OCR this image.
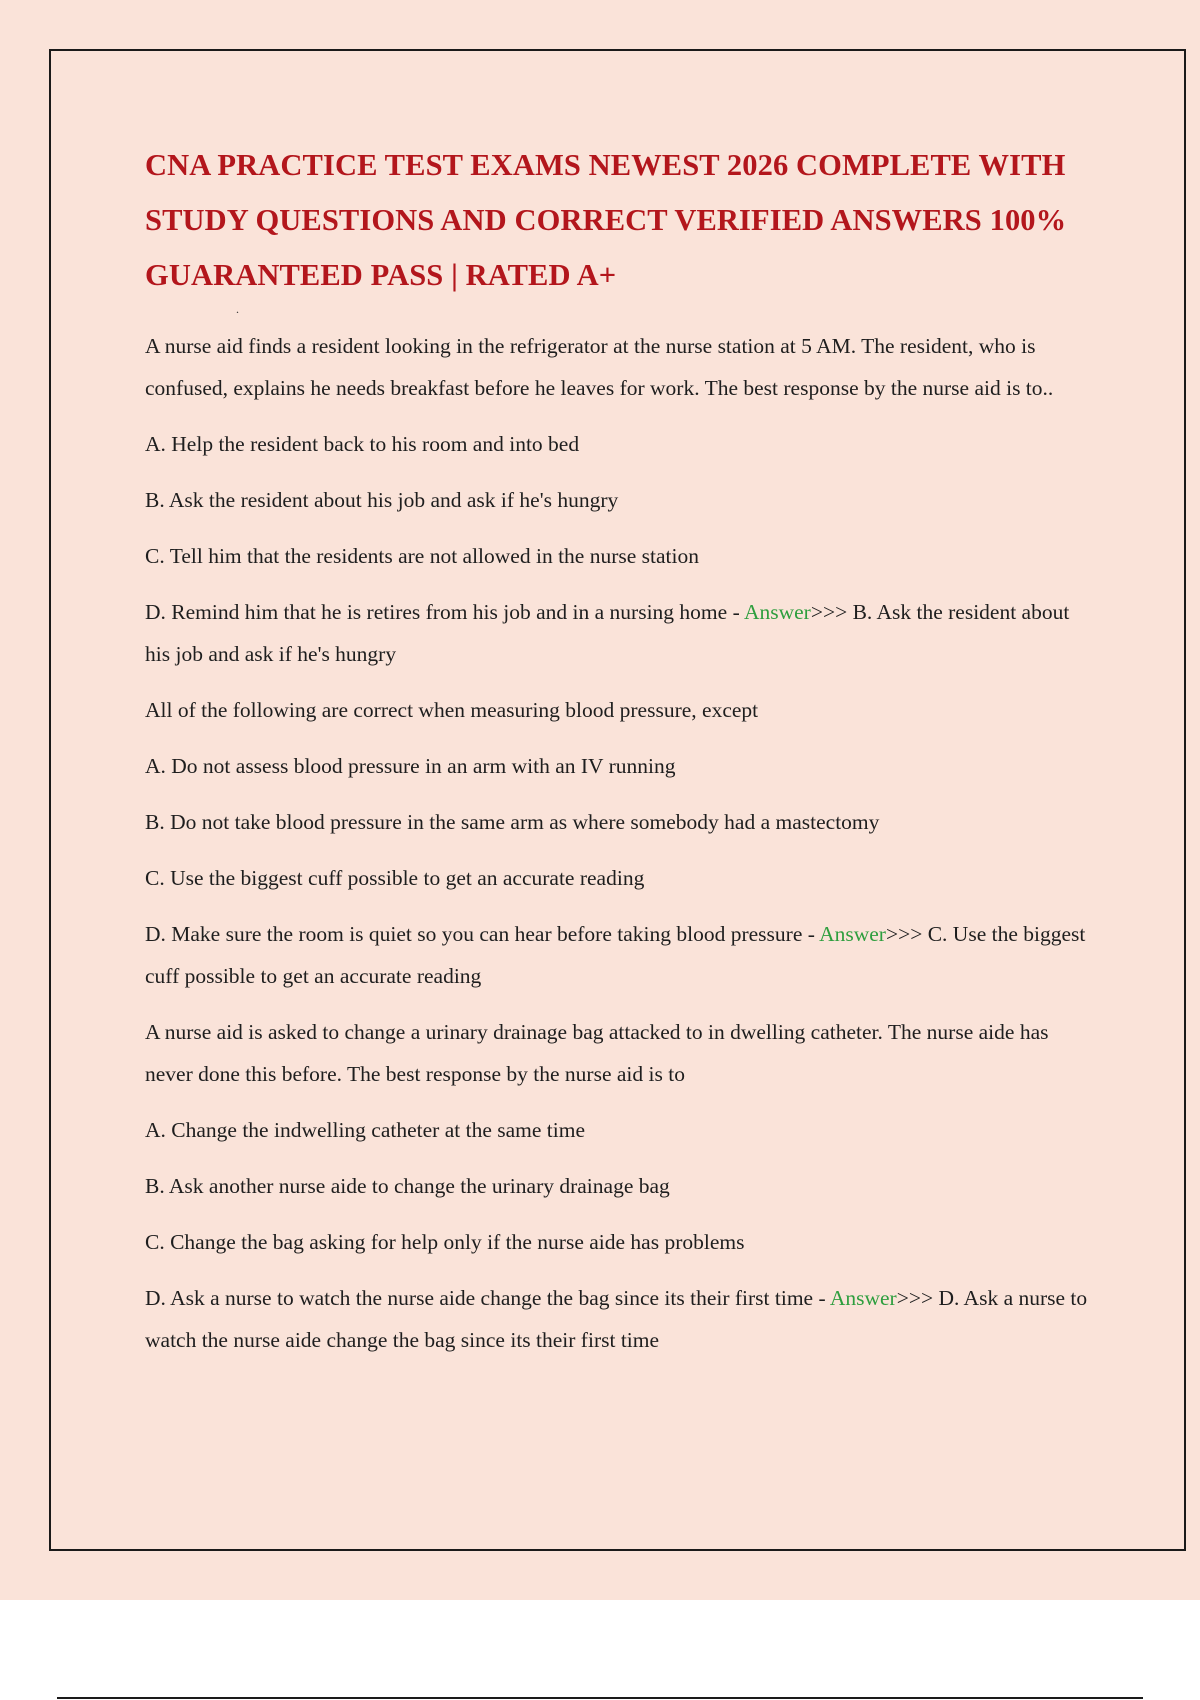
CNA PRACTICE TEST EXAMS NEWEST 2026 COMPLETE WITH STUDY QUESTIONS AND CORRECT VERIFIED ANSWERS 100% GUARANTEED PASS | RATED A+
.

A nurse aid finds a resident looking in the refrigerator at the nurse station at 5 AM. The resident, who is confused, explains he needs breakfast before he leaves for work. The best response by the nurse aid is to..

A. Help the resident back to his room and into bed

B. Ask the resident about his job and ask if he's hungry

C. Tell him that the residents are not allowed in the nurse station

D. Remind him that he is retires from his job and in a nursing home - Answer>>> B. Ask the resident about his job and ask if he's hungry

All of the following are correct when measuring blood pressure, except

A. Do not assess blood pressure in an arm with an IV running

B. Do not take blood pressure in the same arm as where somebody had a mastectomy

C. Use the biggest cuff possible to get an accurate reading

D. Make sure the room is quiet so you can hear before taking blood pressure - Answer>>> C. Use the biggest cuff possible to get an accurate reading

A nurse aid is asked to change a urinary drainage bag attacked to in dwelling catheter. The nurse aide has never done this before. The best response by the nurse aid is to

A. Change the indwelling catheter at the same time

B. Ask another nurse aide to change the urinary drainage bag

C. Change the bag asking for help only if the nurse aide has problems

D. Ask a nurse to watch the nurse aide change the bag since its their first time - Answer>>> D. Ask a nurse to watch the nurse aide change the bag since its their first time
